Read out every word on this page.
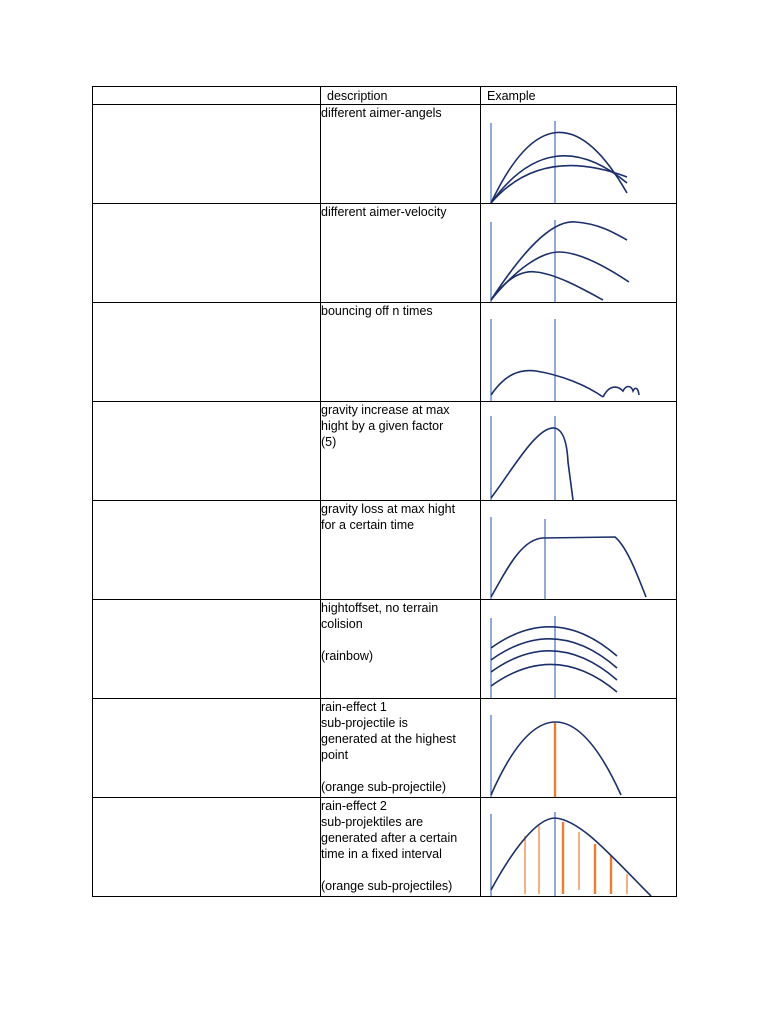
	description	Example

	different aimer-angels

	different aimer-velocity

	bouncing off n times

	gravity increase at max
hight by a given factor
(5)

	gravity loss at max hight
for a certain time

	hightoffset, no terrain
colision
(rainbow)

	rain-effect 1
sub-projectile is
generated at the highest
point
(orange sub-projectile)

	rain-effect 2
sub-projektiles are
generated after a certain
time in a fixed interval
(orange sub-projectiles)
